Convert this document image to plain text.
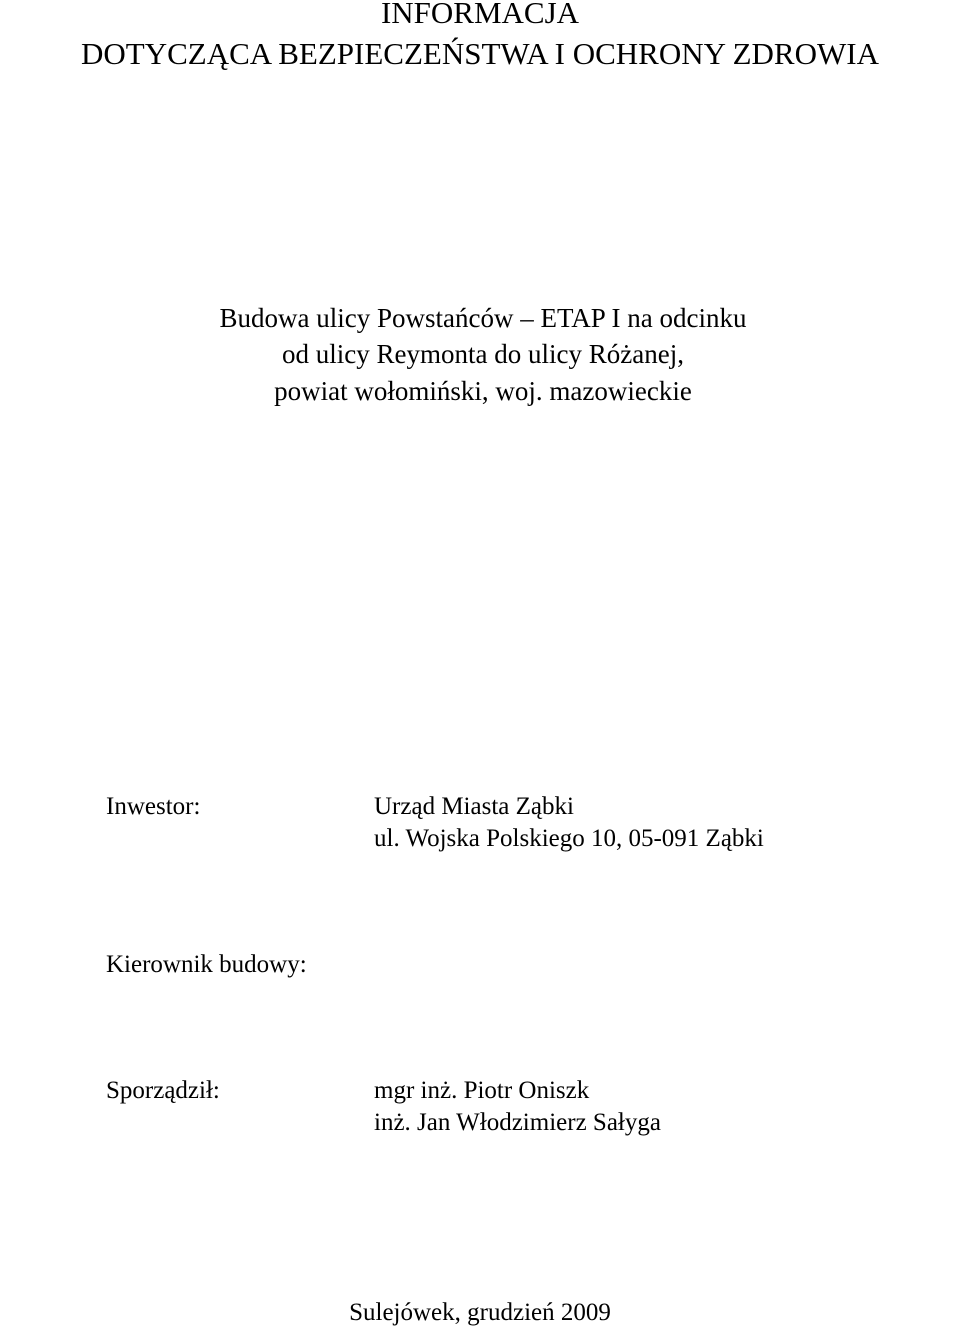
INFORMACJA
DOTYCZĄCA BEZPIECZEŃSTWA I OCHRONY ZDROWIA
Budowa ulicy Powstańców – ETAP I na odcinku
od ulicy Reymonta do ulicy Różanej,
powiat wołomiński, woj. mazowieckie
Inwestor:	Urząd Miasta Ząbki
ul. Wojska Polskiego 10, 05-091 Ząbki
Kierownik budowy:
Sporządził:	mgr inż. Piotr Oniszk
inż. Jan Włodzimierz Sałyga
Sulejówek, grudzień 2009
